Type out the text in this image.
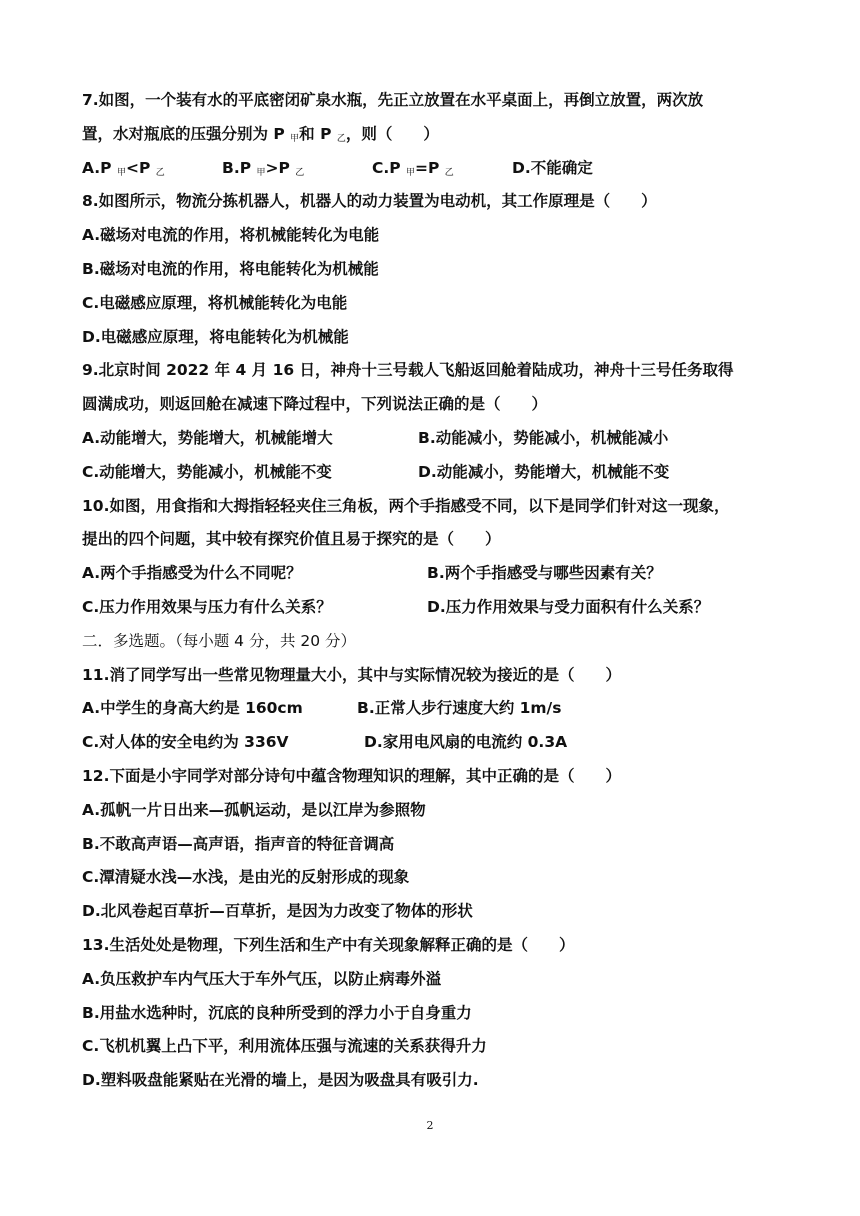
7.如图，一个装有水的平底密闭矿泉水瓶，先正立放置在水平桌面上，再倒立放置，两次放
置，水对瓶底的压强分别为 P $_甲$和 P $_乙$，则（　　）
A.P $_甲$<P $_乙$	B.P $_甲$>P $_乙$	C.P $_甲$=P $_乙$	D.不能确定
8.如图所示，物流分拣机器人，机器人的动力装置为电动机，其工作原理是（　　）
A.磁场对电流的作用，将机械能转化为电能
B.磁场对电流的作用，将电能转化为机械能
C.电磁感应原理，将机械能转化为电能
D.电磁感应原理，将电能转化为机械能
9.北京时间 2022 年 4 月 16 日，神舟十三号载人飞船返回舱着陆成功，神舟十三号任务取得
圆满成功，则返回舱在减速下降过程中，下列说法正确的是（　　）
A.动能增大，势能增大，机械能增大	B.动能减小，势能减小，机械能减小
C.动能增大，势能减小，机械能不变	D.动能减小，势能增大，机械能不变
10.如图，用食指和大拇指轻轻夹住三角板，两个手指感受不同，以下是同学们针对这一现象，
提出的四个问题，其中较有探究价值且易于探究的是（　　）
A.两个手指感受为什么不同呢？	B.两个手指感受与哪些因素有关？
C.压力作用效果与压力有什么关系？	D.压力作用效果与受力面积有什么关系？
二．多选题。（每小题 4 分，共 20 分）
11.消了同学写出一些常见物理量大小，其中与实际情况较为接近的是（　　）
A.中学生的身高大约是 160cm	B.正常人步行速度大约 1m/s
C.对人体的安全电约为 336V	D.家用电风扇的电流约 0.3A
12.下面是小宇同学对部分诗句中蕴含物理知识的理解，其中正确的是（　　）
A.孤帆一片日出来—孤帆运动，是以江岸为参照物
B.不敢高声语—高声语，指声音的特征音调高
C.潭清疑水浅—水浅，是由光的反射形成的现象
D.北风卷起百草折—百草折，是因为力改变了物体的形状
13.生活处处是物理，下列生活和生产中有关现象解释正确的是（　　）
A.负压救护车内气压大于车外气压，以防止病毒外溢
B.用盐水选种时，沉底的良种所受到的浮力小于自身重力
C.飞机机翼上凸下平，利用流体压强与流速的关系获得升力
D.塑料吸盘能紧贴在光滑的墙上，是因为吸盘具有吸引力.
2
